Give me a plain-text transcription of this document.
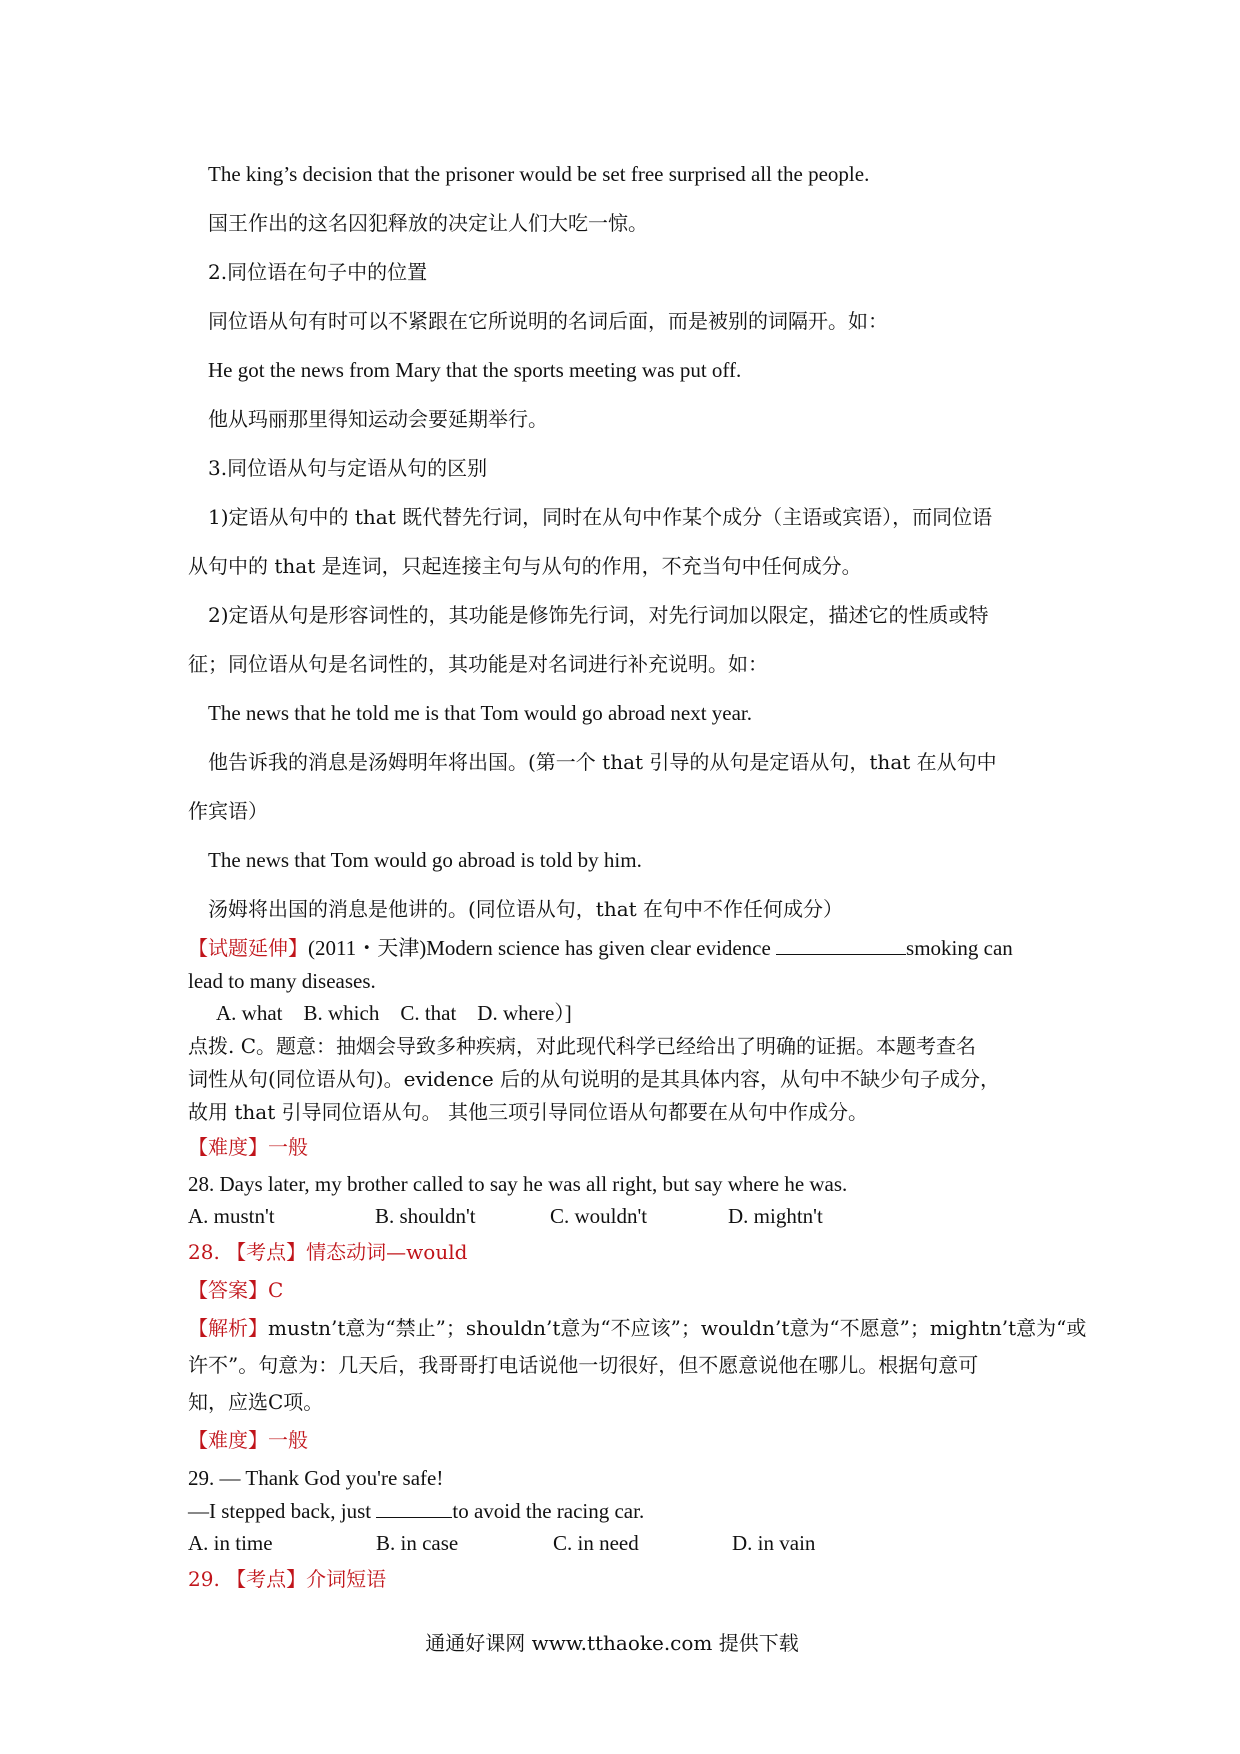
The king’s decision that the prisoner would be set free surprised all the people.
国王作出的这名囚犯释放的决定让人们大吃一惊。
2.同位语在句子中的位置
同位语从句有时可以不紧跟在它所说明的名词后面，而是被别的词隔开。如：
He got the news from Mary that the sports meeting was put off.
他从玛丽那里得知运动会要延期举行。
3.同位语从句与定语从句的区别
1)定语从句中的 that 既代替先行词，同时在从句中作某个成分（主语或宾语），而同位语
从句中的 that 是连词，只起连接主句与从句的作用，不充当句中任何成分。
2)定语从句是形容词性的，其功能是修饰先行词，对先行词加以限定，描述它的性质或特
征；同位语从句是名词性的，其功能是对名词进行补充说明。如：
The news that he told me is that Tom would go abroad next year.
他告诉我的消息是汤姆明年将出国。(第一个 that 引导的从句是定语从句，that 在从句中
作宾语）
The news that Tom would go abroad is told by him.
汤姆将出国的消息是他讲的。(同位语从句，that 在句中不作任何成分）
【试题延伸】(2011・天津)Modern science has given clear evidence	smoking can
lead to many diseases.
A. what    B. which    C. that    D. where）]
点拨. C。题意：抽烟会导致多种疾病，对此现代科学已经给出了明确的证据。本题考查名
词性从句(同位语从句)。evidence 后的从句说明的是其具体内容，从句中不缺少句子成分，
故用 that 引导同位语从句。 其他三项引导同位语从句都要在从句中作成分。
【难度】一般
28. Days later, my brother called to say he was all right, but say where he was.
A. mustn't	B. shouldn't	C. wouldn't	D. mightn't
28. 【考点】情态动词—would
【答案】C
【解析】mustn’t意为“禁止”；shouldn’t意为“不应该”；wouldn’t意为“不愿意”；mightn’t意为“或
许不”。句意为：几天后，我哥哥打电话说他一切很好，但不愿意说他在哪儿。根据句意可
知，应选C项。
【难度】一般
29. — Thank God you're safe!
—I stepped back, just	to avoid the racing car.
A. in time	B. in case	C. in need	D. in vain
29. 【考点】介词短语
通通好课网 www.tthaoke.com 提供下载
